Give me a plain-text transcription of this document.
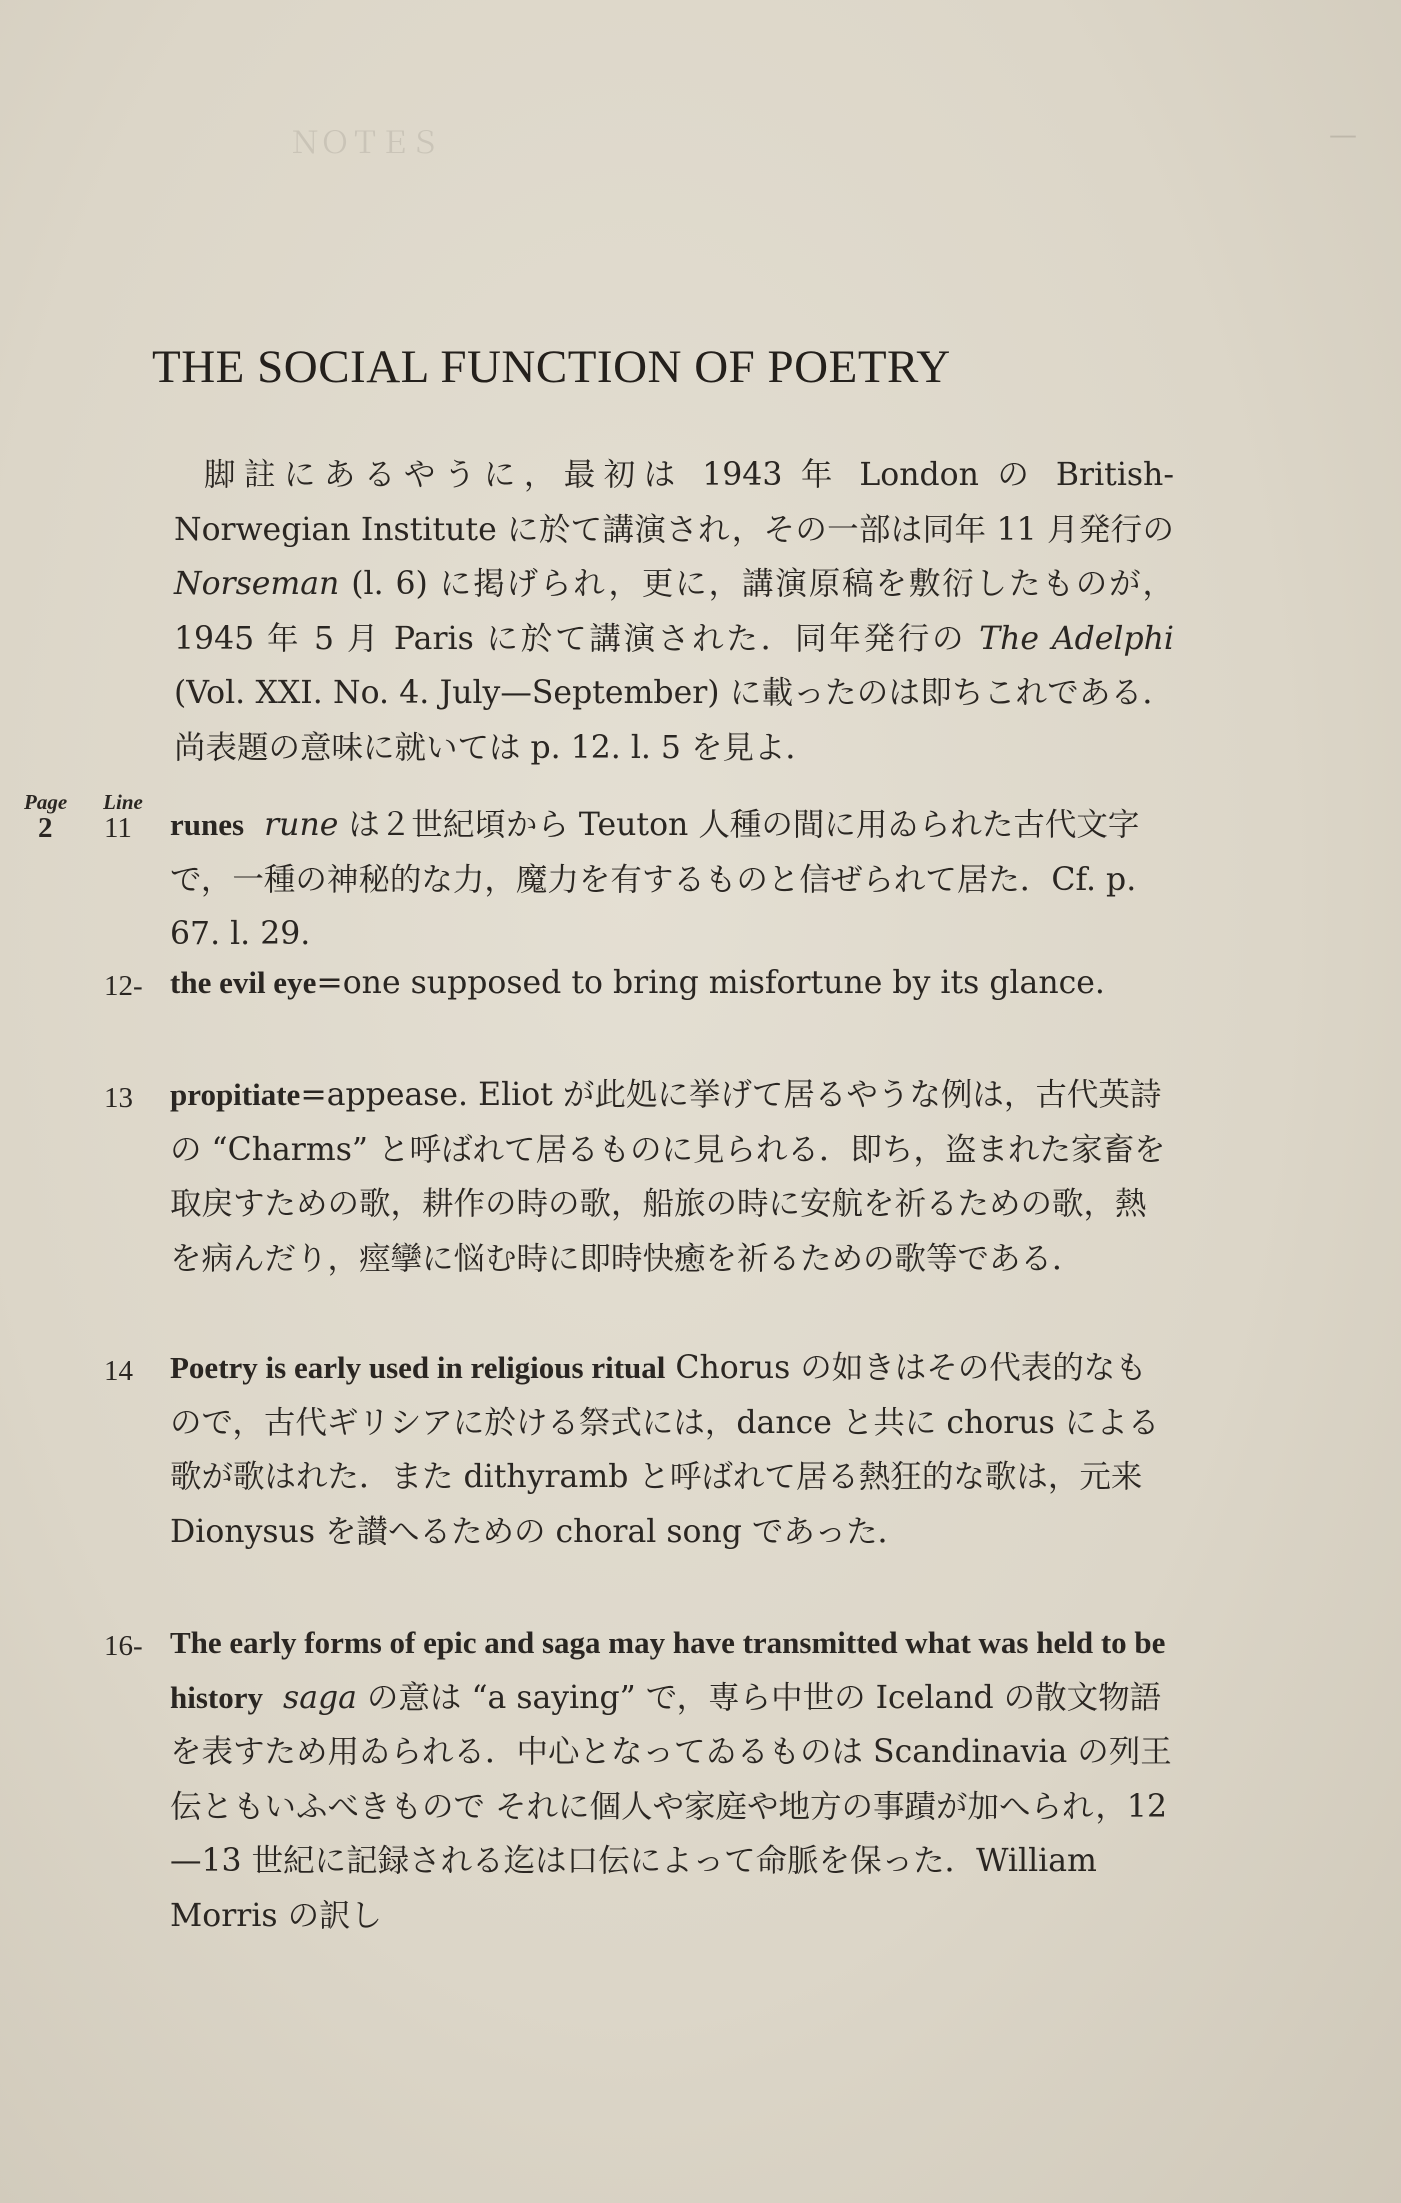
ＮＯＴＥＳ	—
THE SOCIAL FUNCTION OF POETRY

脚註にあるやうに，最初は 1943 年 London の British-Norwegian Institute に於て講演され，その一部は同年 11 月発行の Norseman (l. 6) に掲げられ，更に，講演原稿を敷衍したものが，1945 年 5 月 Paris に於て講演された．同年発行の The Adelphi (Vol. XXI. No. 4. July—September) に載ったのは即ちこれである．尚表題の意味に就いては p. 12. l. 5 を見よ．

Page Line
2 11 runes rune は２世紀頃から Teuton 人種の間に用ゐられた古代文字で，一種の神秘的な力，魔力を有するものと信ぜられて居た．Cf. p. 67. l. 29.

12- the evil eye=one supposed to bring misfortune by its glance.

13 propitiate=appease. Eliot が此処に挙げて居るやうな例は，古代英詩の “Charms” と呼ばれて居るものに見られる．即ち，盗まれた家畜を取戻すための歌，耕作の時の歌，船旅の時に安航を祈るための歌，熱を病んだり，痙攣に悩む時に即時快癒を祈るための歌等である．

14 Poetry is early used in religious ritual Chorus の如きはその代表的なもので，古代ギリシアに於ける祭式には，dance と共に chorus による歌が歌はれた．また dithyramb と呼ばれて居る熱狂的な歌は，元来 Dionysus を讃へるための choral song であった．

16- The early forms of epic and saga may have transmitted what was held to be history saga の意は “a saying” で，専ら中世の Iceland の散文物語を表すため用ゐられる．中心となってゐるものは Scandinavia の列王伝ともいふべきもので それに個人や家庭や地方の事蹟が加へられ，12—13 世紀に記録される迄は口伝によって命脈を保った．William Morris の訳し
